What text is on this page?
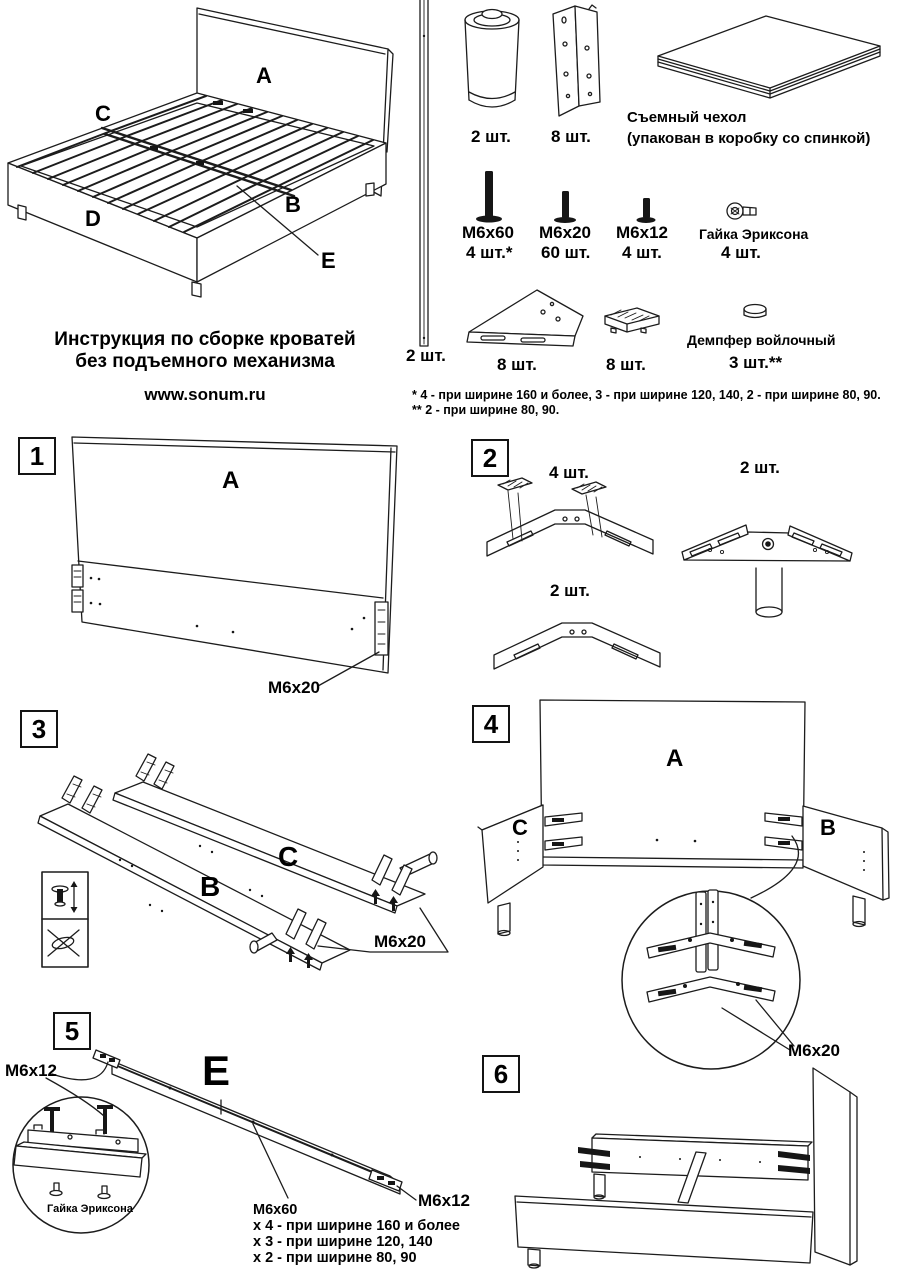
A
C
B
D
E
Инструкция по сборке кроватей
без подъемного механизма
www.sonum.ru
2 шт.
2 шт. 8 шт.
Съемный чехол
(упакован в коробку со спинкой)
M6x60
4 шт.*
M6x20
60 шт.
M6x12
4 шт.
Гайка Эриксона
4 шт.
8 шт.	8 шт.
Демпфер войлочный
3 шт.**
* 4 - при ширине 160 и более, 3 - при ширине 120, 140, 2 - при ширине 80, 90.
** 2 - при ширине 80, 90.
1
A
M6x20
2	4 шт.
2 шт.
2 шт.
3
B
C
M6x20
4
A
C	B
M6x20
5
E
M6x12
Гайка Эриксона	M6x60
x 4 - при ширине 160 и более
x 3 - при ширине 120, 140
x 2 - при ширине 80, 90
M6x12
6
